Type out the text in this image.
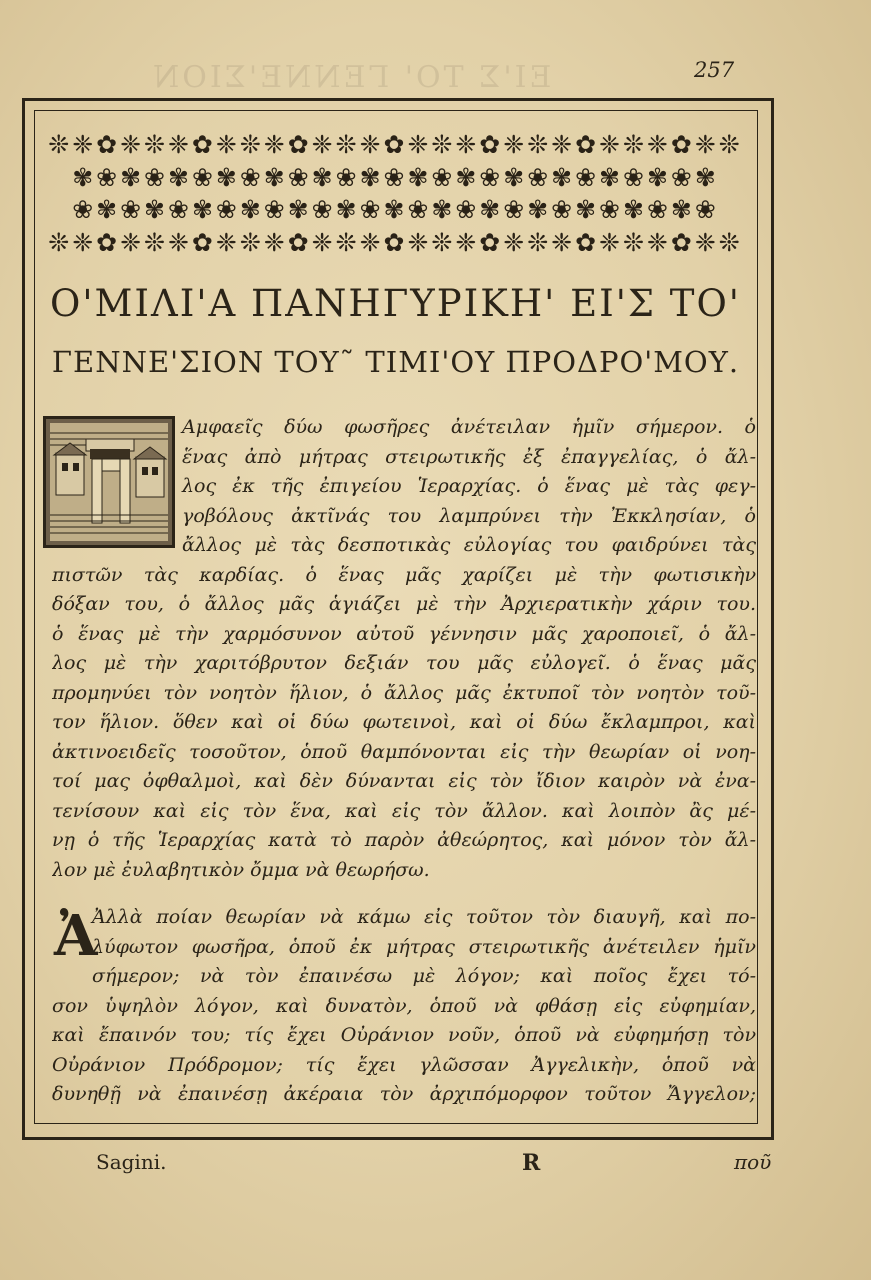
ΕΙ'Σ ΤΟ' ΓΕΝΝΕ'ΣΙΟΝ	257
❊❈✿❈❊❈✿❈❊❈✿❈❊❈✿❈❊❈✿❈❊❈✿❈❊❈✿❈❊
✾❀✾❀✾❀✾❀✾❀✾❀✾❀✾❀✾❀✾❀✾❀✾❀✾❀✾
❀✾❀✾❀✾❀✾❀✾❀✾❀✾❀✾❀✾❀✾❀✾❀✾❀✾❀
❊❈✿❈❊❈✿❈❊❈✿❈❊❈✿❈❊❈✿❈❊❈✿❈❊❈✿❈❊
Ο'ΜΙΛΙ'Α ΠΑΝΗΓΥΡΙΚΗ' ΕΙ'Σ ΤΟ'
ΓΕΝΝΕ'ΣΙΟΝ ΤΟΥ˜ ΤΙΜΙ'ΟΥ ΠΡΟΔΡΟ'ΜΟΥ.
Αμφαεῖς δύω φωσῆρες ἀνέτειλαν ἡμῖν σήμερον. ὁ
ἕνας ἀπὸ μήτρας στειρωτικῆς ἐξ ἐπαγγελίας, ὁ ἄλ-
λος ἐκ τῆς ἐπιγείου Ἱεραρχίας. ὁ ἕνας μὲ τὰς φεγ-
γοβόλους ἀκτῖνάς του λαμπρύνει τὴν Ἐκκλησίαν, ὁ
ἄλλος μὲ τὰς δεσποτικὰς εὐλογίας του φαιδρύνει τὰς
πιστῶν τὰς καρδίας. ὁ ἕνας μᾶς χαρίζει μὲ τὴν φωτισικὴν
δόξαν του, ὁ ἄλλος μᾶς ἁγιάζει μὲ τὴν Ἀρχιερατικὴν χάριν του.
ὁ ἕνας μὲ τὴν χαρμόσυνον αὐτοῦ γέννησιν μᾶς χαροποιεῖ, ὁ ἄλ-
λος μὲ τὴν χαριτόβρυτον δεξιάν του μᾶς εὐλογεῖ. ὁ ἕνας μᾶς
προμηνύει τὸν νοητὸν ἥλιον, ὁ ἄλλος μᾶς ἐκτυποῖ τὸν νοητὸν τοῦ-
τον ἥλιον. ὅθεν καὶ οἱ δύω φωτεινοὶ, καὶ οἱ δύω ἔκλαμπροι, καὶ
ἀκτινοειδεῖς τοσοῦτον, ὁποῦ θαμπόνονται εἰς τὴν θεωρίαν οἱ νοη-
τοί μας ὀφθαλμοὶ, καὶ δὲν δύνανται εἰς τὸν ἴδιον καιρὸν νὰ ἐνα-
τενίσουν καὶ εἰς τὸν ἕνα, καὶ εἰς τὸν ἄλλον. καὶ λοιπὸν ἂς μέ-
νῃ ὁ τῆς Ἱεραρχίας κατὰ τὸ παρὸν ἀθεώρητος, καὶ μόνον τὸν ἄλ-
λον μὲ ἐυλαβητικὸν ὄμμα νὰ θεωρήσω.
Ἀλλὰ ποίαν θεωρίαν νὰ κάμω εἰς τοῦτον τὸν διαυγῆ, καὶ πο-
λύφωτον φωσῆρα, ὁποῦ ἐκ μήτρας στειρωτικῆς ἀνέτειλεν ἡμῖν
σήμερον; νὰ τὸν ἐπαινέσω μὲ λόγον; καὶ ποῖος ἔχει τό-
σον ὑψηλὸν λόγον, καὶ δυνατὸν, ὁποῦ νὰ φθάσῃ εἰς εὐφημίαν,
καὶ ἔπαινόν του; τίς ἔχει Οὐράνιον νοῦν, ὁποῦ νὰ εὐφημήσῃ τὸν
Οὐράνιον Πρόδρομον; τίς ἔχει γλῶσσαν Ἀγγελικὴν, ὁποῦ νὰ
δυνηθῇ νὰ ἐπαινέσῃ ἀκέραια τὸν ἀρχιπόμορφον τοῦτον Ἄγγελον;
Ἀ
Sagini.	R	ποῦ
